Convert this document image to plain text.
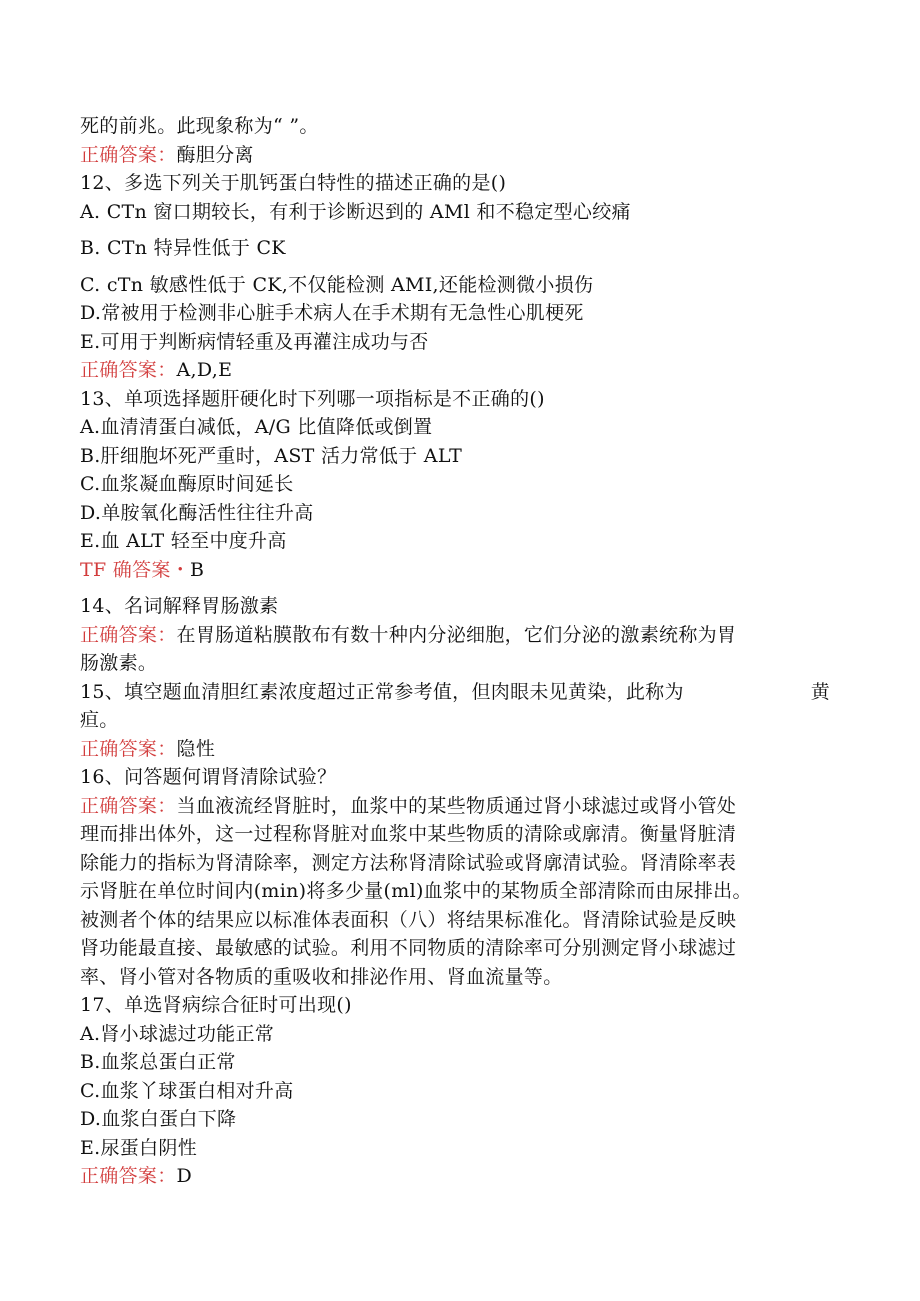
死的前兆。此现象称为“ ”。
正确答案：酶胆分离
12、多选下列关于肌钙蛋白特性的描述正确的是()
A. CTn 窗口期较长，有利于诊断迟到的 AMl 和不稳定型心绞痛
B. CTn 特异性低于 CK
C. cTn 敏感性低于 CK,不仅能检测 AMI,还能检测微小损伤
D.常被用于检测非心脏手术病人在手术期有无急性心肌梗死
E.可用于判断病情轻重及再灌注成功与否
正确答案：A,D,E
13、单项选择题肝硬化时下列哪一项指标是不正确的()
A.血清清蛋白减低，A/G 比值降低或倒置
B.肝细胞坏死严重时，AST 活力常低于 ALT
C.血浆凝血酶原时间延长
D.单胺氧化酶活性往往升高
E.血 ALT 轻至中度升高
TF 确答案・B
14、名词解释胃肠激素
正确答案：在胃肠道粘膜散布有数十种内分泌细胞，它们分泌的激素统称为胃
肠激素。
15、填空题血清胆红素浓度超过正常参考值，但肉眼未见黄染，此称为	黄
疸。
正确答案：隐性
16、问答题何谓肾清除试验？
正确答案：当血液流经肾脏时，血浆中的某些物质通过肾小球滤过或肾小管处
理而排出体外，这一过程称肾脏对血浆中某些物质的清除或廓清。衡量肾脏清
除能力的指标为肾清除率，测定方法称肾清除试验或肾廓清试验。肾清除率表
示肾脏在单位时间内(min)将多少量(ml)血浆中的某物质全部清除而由尿排出。
被测者个体的结果应以标准体表面积（八）将结果标准化。肾清除试验是反映
肾功能最直接、最敏感的试验。利用不同物质的清除率可分别测定肾小球滤过
率、肾小管对各物质的重吸收和排泌作用、肾血流量等。
17、单选肾病综合征时可出现()
A.肾小球滤过功能正常
B.血浆总蛋白正常
C.血浆丫球蛋白相对升高
D.血浆白蛋白下降
E.尿蛋白阴性
正确答案：D
